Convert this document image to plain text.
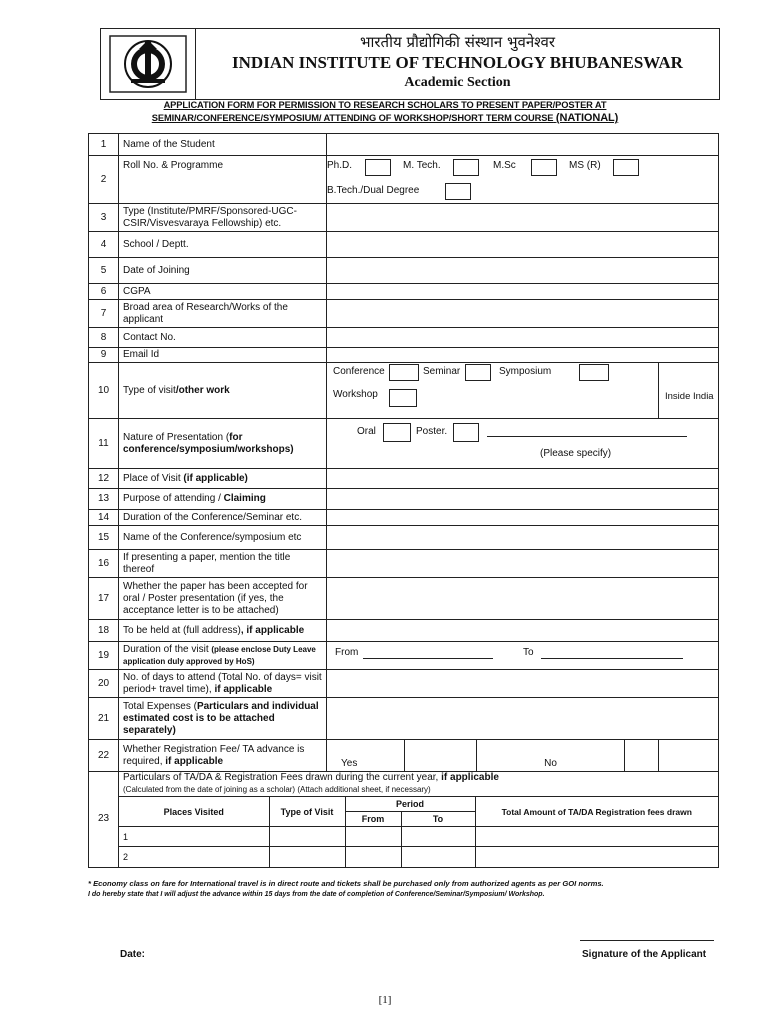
भारतीय प्रौद्योगिकी संस्थान भुवनेश्वर
INDIAN INSTITUTE OF TECHNOLOGY BHUBANESWAR
Academic Section
APPLICATION FORM FOR PERMISSION TO RESEARCH SCHOLARS TO PRESENT PAPER/POSTER AT
SEMINAR/CONFERENCE/SYMPOSIUM/ ATTENDING OF WORKSHOP/SHORT TERM COURSE (NATIONAL)
1	Name of the Student	
2	Roll No. & Programme	Ph.D.	M. Tech.	M.Sc	MS (R)
B.Tech./Dual Degree

3	Type (Institute/PMRF/Sponsored-UGC-CSIR/Visvesvaraya Fellowship) etc.	
4	School / Deptt.	
5	Date of Joining	
6	CGPA	
7	Broad area of Research/Works of the applicant	
8	Contact No.	
9	Email Id	
10	Type of visit/other work	
Conference	Seminar	Symposium
Workshop	Inside India

11	Nature of Presentation (for conference/symposium/workshops)	
Oral	Poster.
(Please specify)

12	Place of Visit (if applicable)	
13	Purpose of attending / Claiming	
14	Duration of the Conference/Seminar etc.	
15	Name of the Conference/symposium etc	
16	If presenting a paper, mention the title thereof	
17	Whether the paper has been accepted for oral / Poster presentation (if yes, the acceptance letter is to be attached)	
18	To be held at (full address), if applicable	
19	Duration of the visit (please enclose Duty Leave application duly approved by HoS)	
From	To

20	No. of days to attend (Total No. of days= visit period+ travel time), if applicable	
21	Total Expenses (Particulars and individual estimated cost is to be attached separately)	
22	Whether Registration Fee/ TA advance is required, if applicable	Yes		No		
23	
Particulars of TA/DA & Registration Fees drawn during the current year, if applicable
(Calculated from the date of joining as a scholar) (Attach additional sheet, if necessary)
Places Visited	Type of Visit	Period	Total Amount of TA/DA Registration fees drawn
From	To
1				
2				
* Economy class on fare for International travel is in direct route and tickets shall be purchased only from authorized agents as per GOI norms.
I do hereby state that I will adjust the advance within 15 days from the date of completion of Conference/Seminar/Symposium/ Workshop.
Date:	Signature of the Applicant
[1]
